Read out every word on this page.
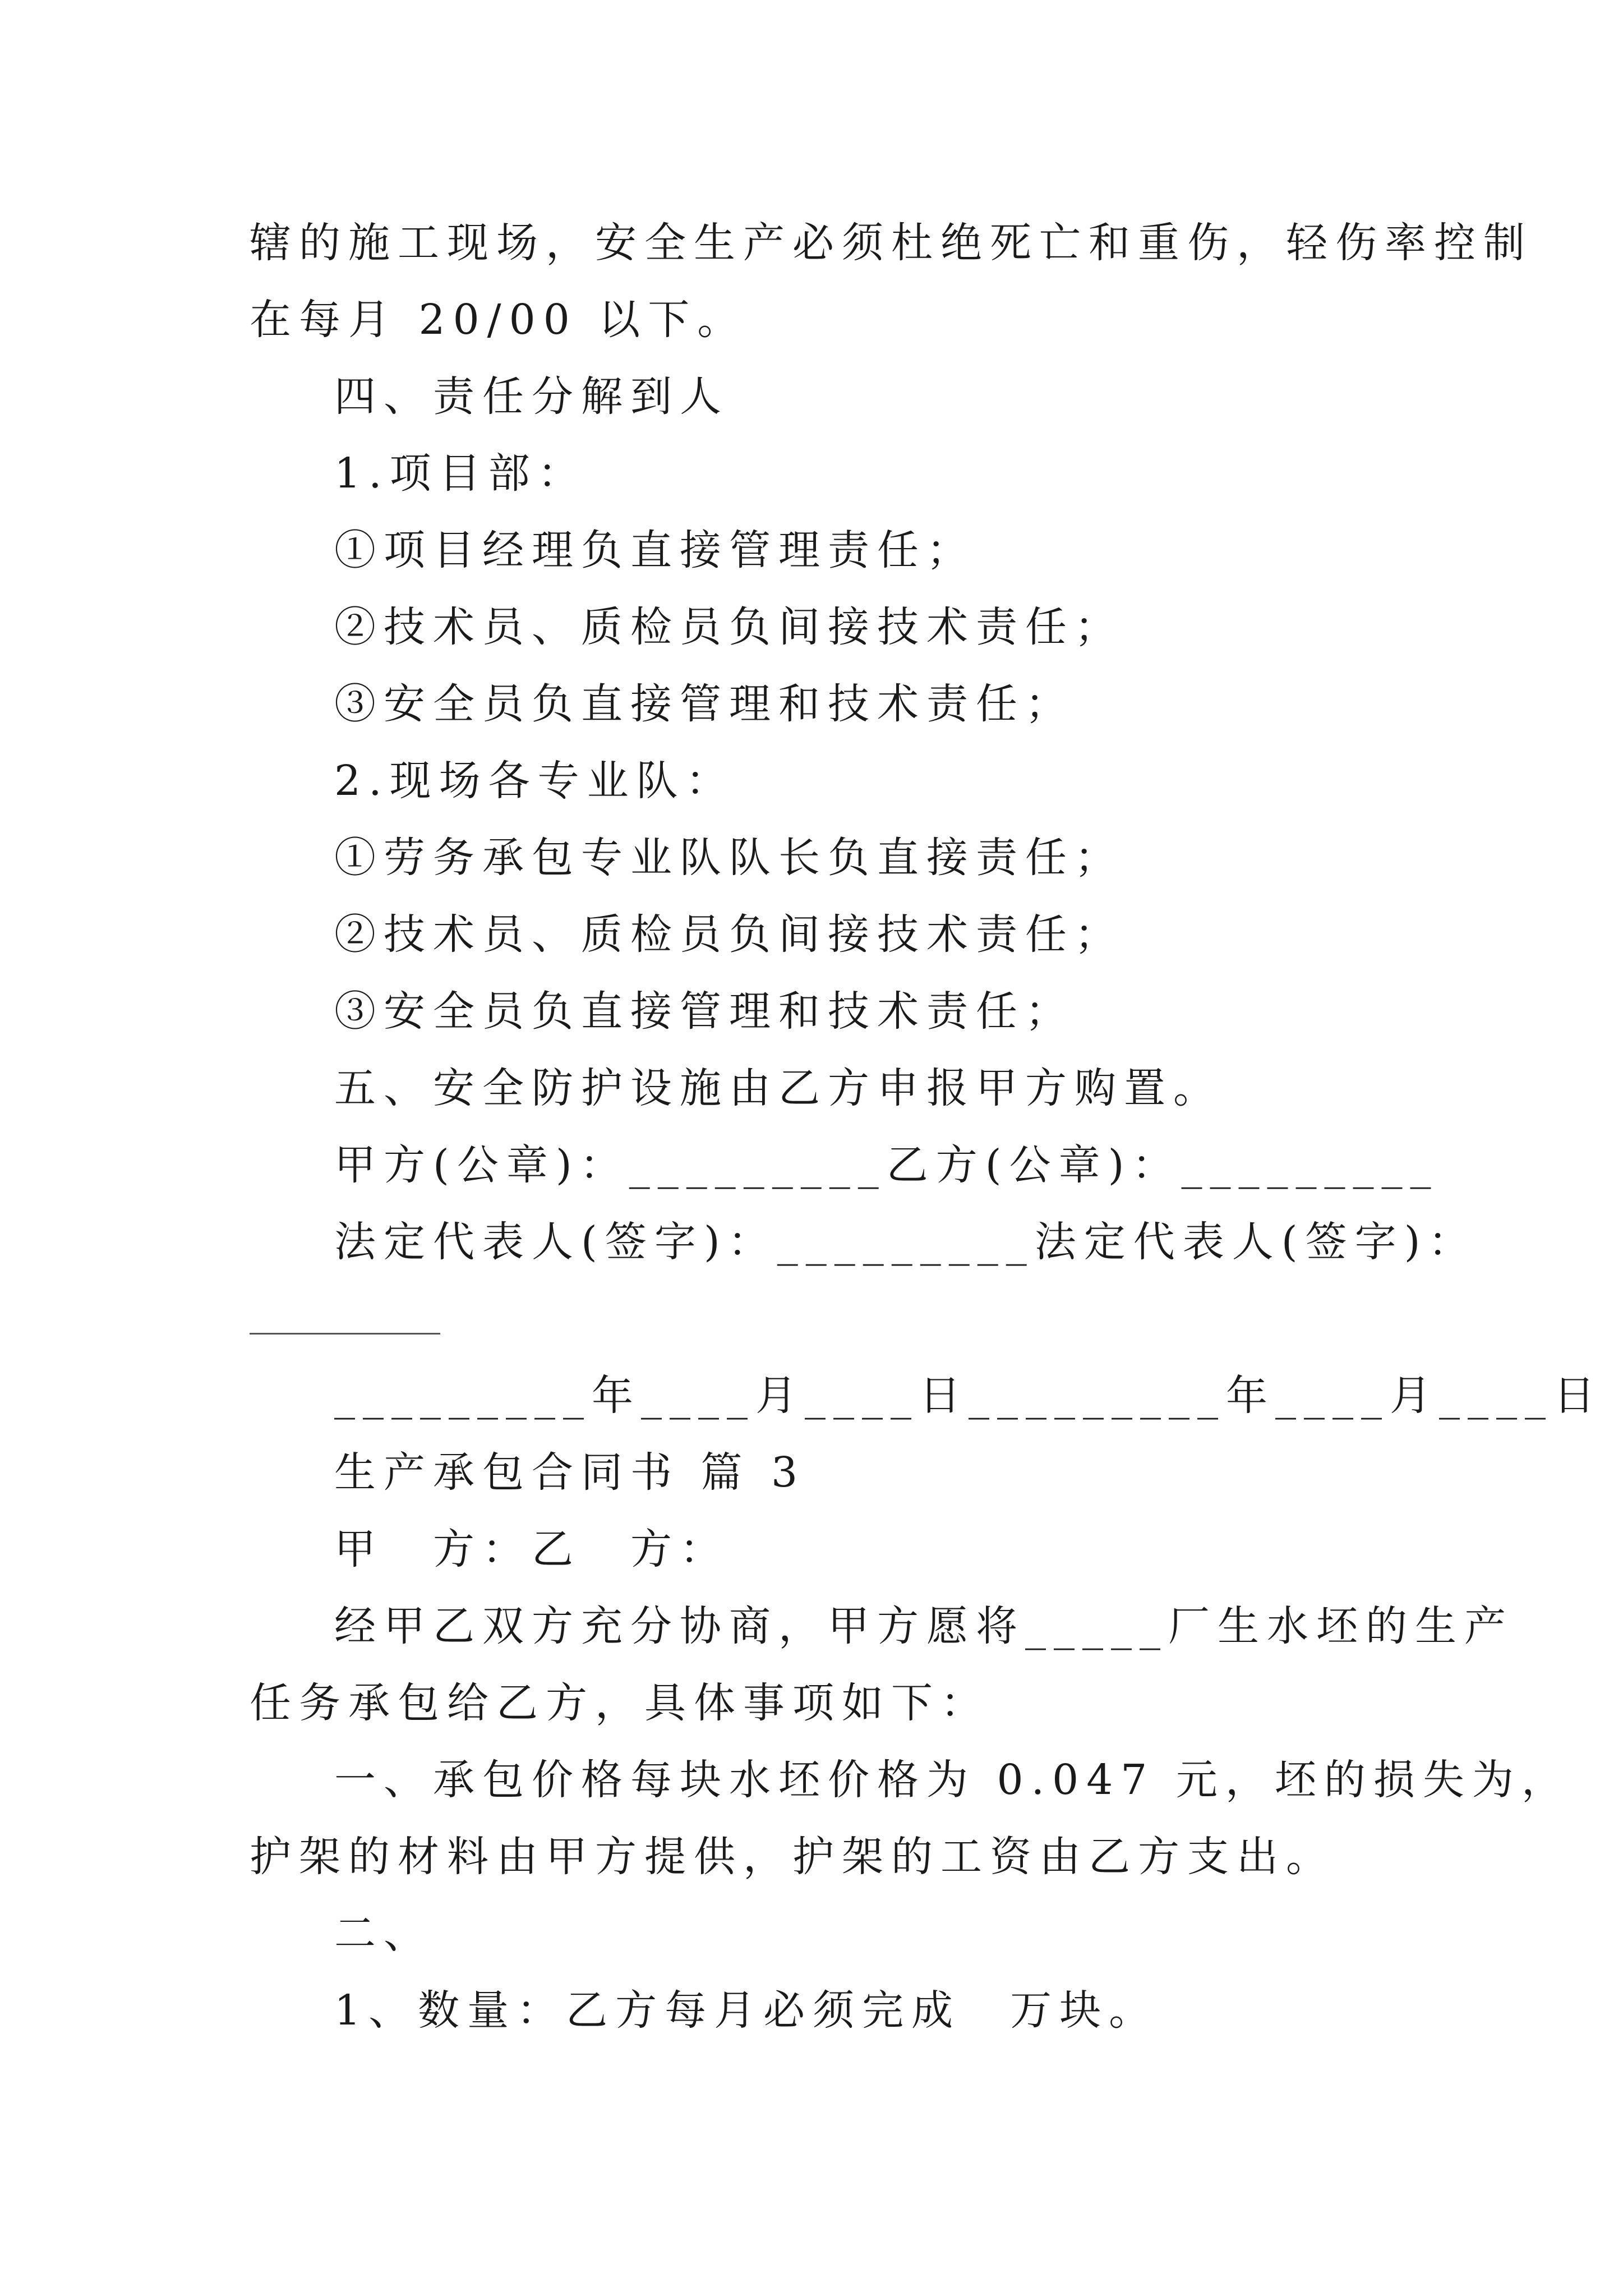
辖的施工现场，安全生产必须杜绝死亡和重伤，轻伤率控制
在每月 20/00 以下。
四、责任分解到人
1.项目部：
①项目经理负直接管理责任；
②技术员、质检员负间接技术责任；
③安全员负直接管理和技术责任；
2.现场各专业队：
①劳务承包专业队队长负直接责任；
②技术员、质检员负间接技术责任；
③安全员负直接管理和技术责任；
五、安全防护设施由乙方申报甲方购置。
甲方(公章)：_________乙方(公章)：_________
法定代表人(签字)：_________法定代表人(签字)：
_________年____月____日_________年____月____日
生产承包合同书 篇 3
甲　方：乙　方：
经甲乙双方充分协商，甲方愿将_____厂生水坯的生产
任务承包给乙方，具体事项如下：
一、承包价格每块水坯价格为 0.047 元，坯的损失为，
护架的材料由甲方提供，护架的工资由乙方支出。
二、
1、数量：乙方每月必须完成　万块。
